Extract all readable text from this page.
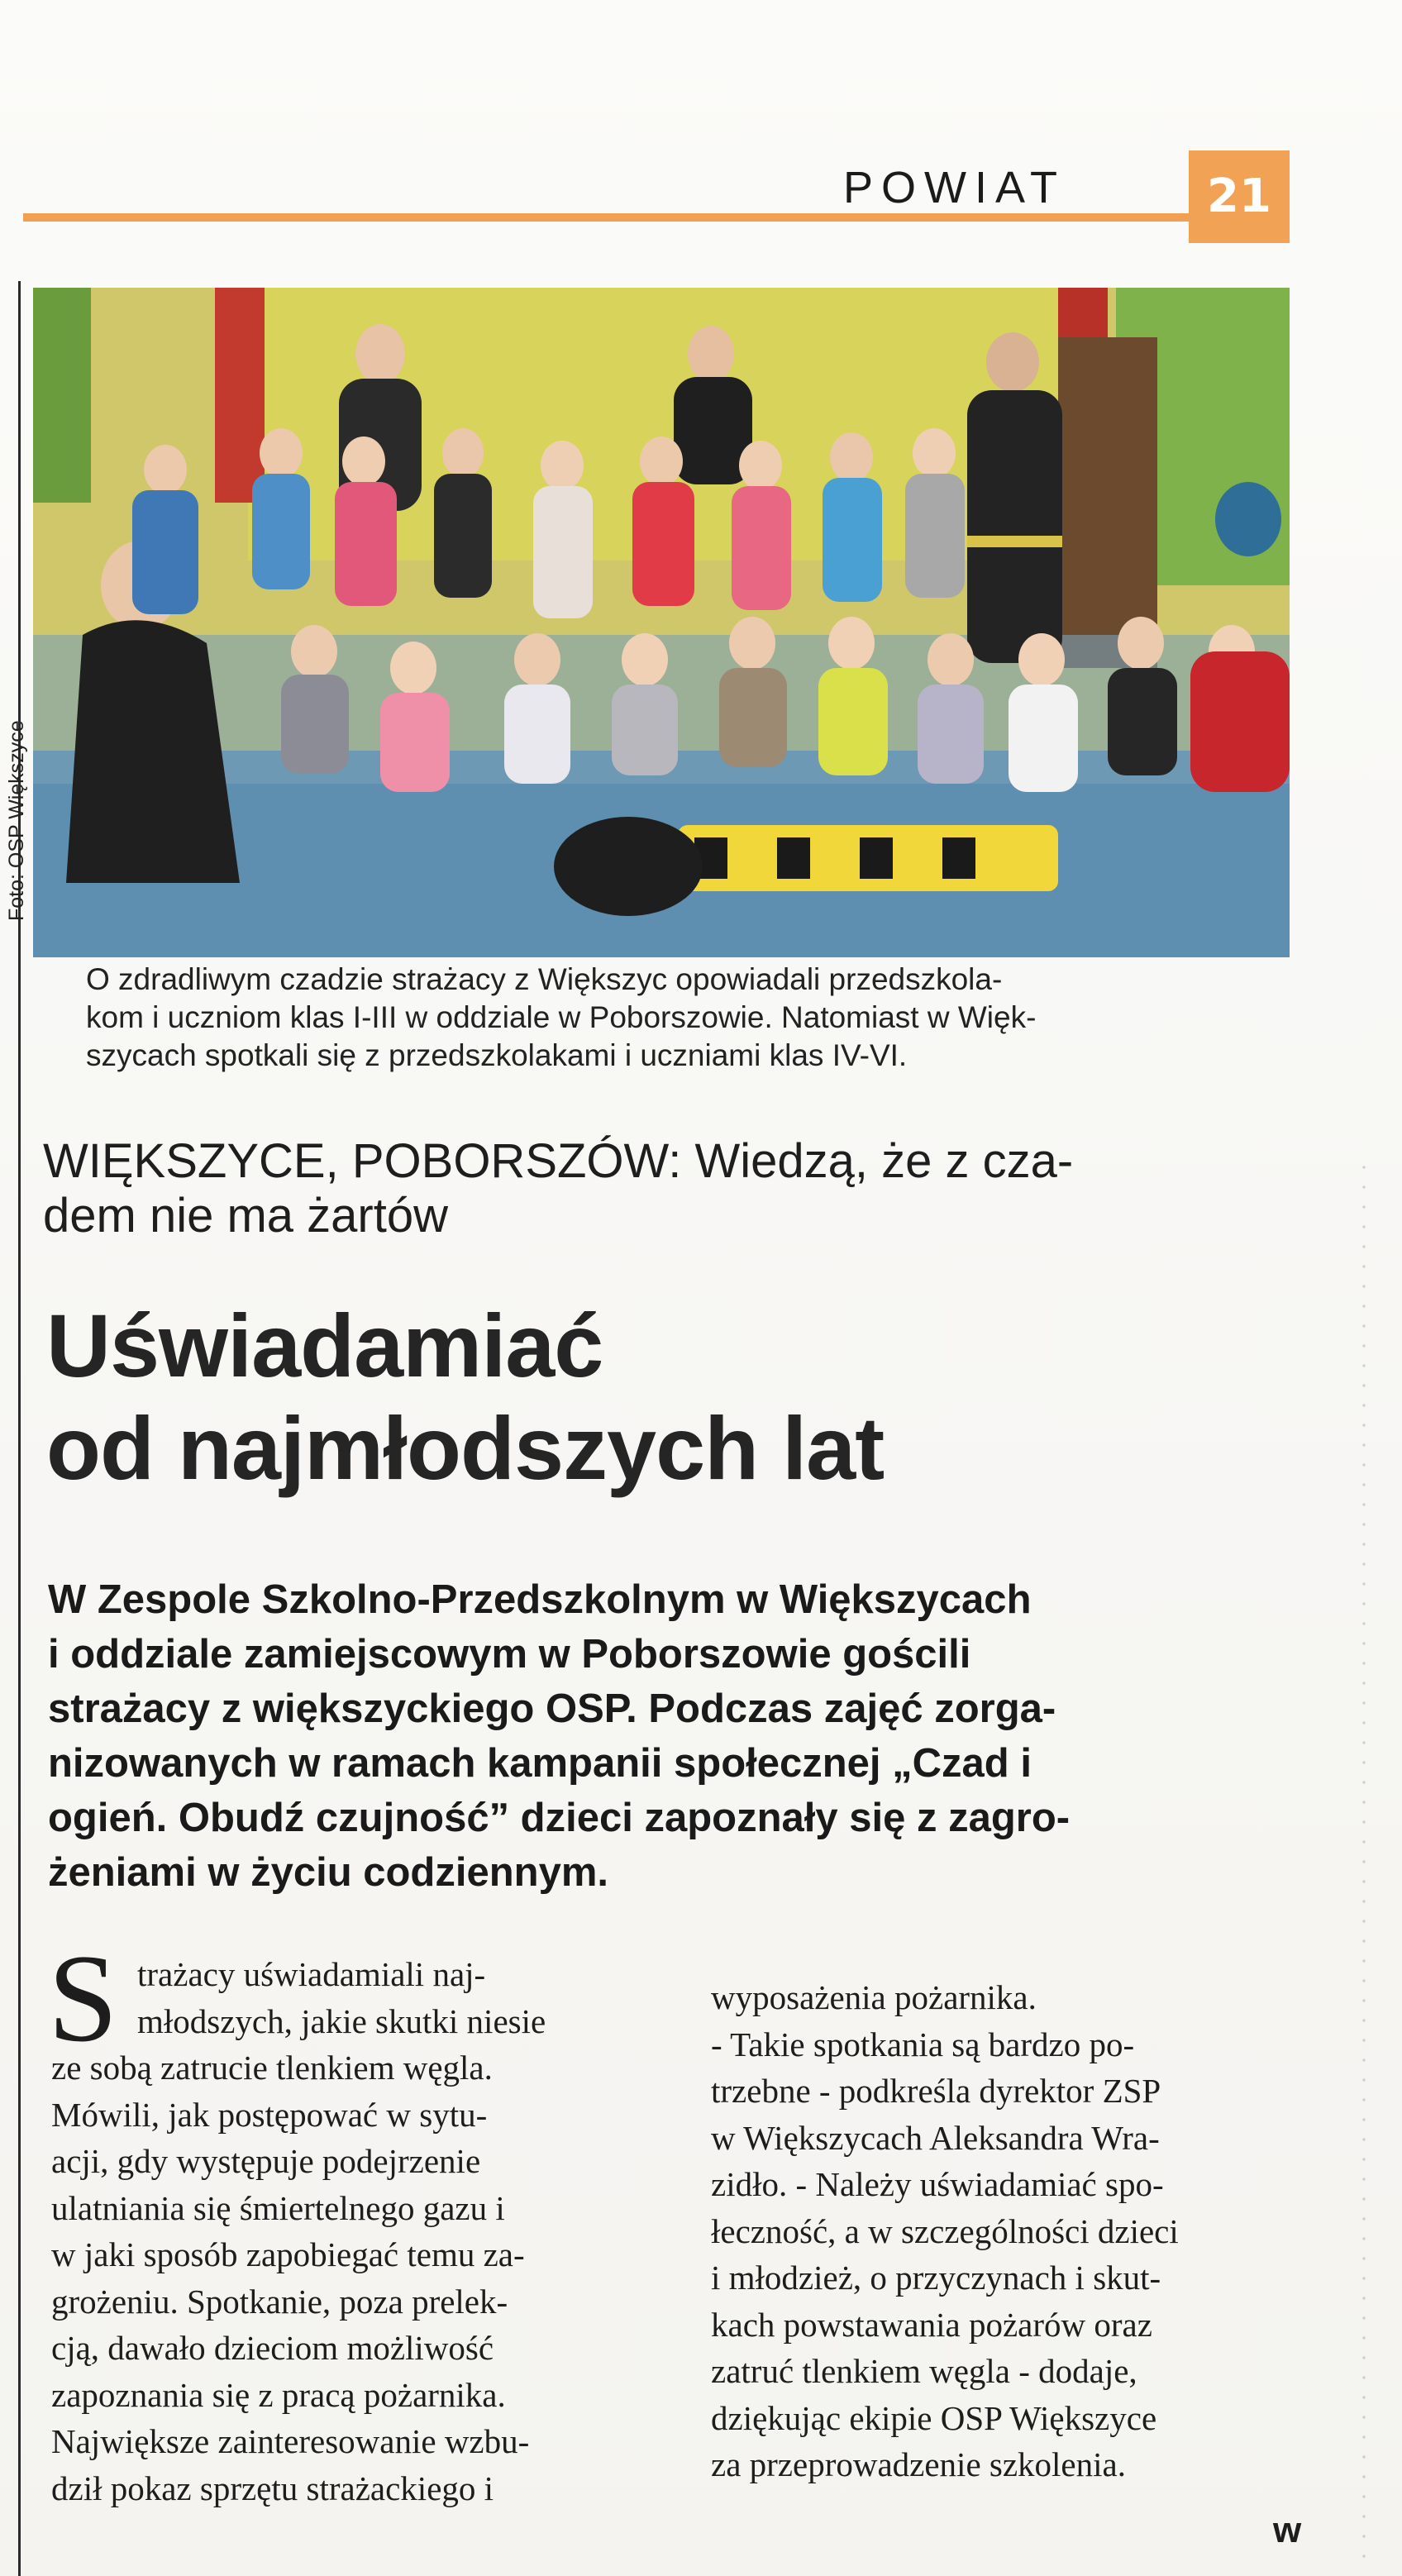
POWIAT	21
Foto: OSP Większyce

O zdradliwym czadzie strażacy z Większyc opowiadali przedszkola-
kom i uczniom klas I-III w oddziale w Poborszowie. Natomiast w Więk-
szycach spotkali się z przedszkolakami i uczniami klas IV-VI.

WIĘKSZYCE, POBORSZÓW: Wiedzą, że z cza-
dem nie ma żartów

Uświadamiać
od najmłodszych lat

W Zespole Szkolno-Przedszkolnym w Większycach
i oddziale zamiejscowym w Poborszowie gościli
strażacy z większyckiego OSP. Podczas zajęć zorga-
nizowanych w ramach kampanii społecznej „Czad i
ogień. Obudź czujność” dzieci zapoznały się z zagro-
żeniami w życiu codziennym.

S trażacy uświadamiali naj-
młodszych, jakie skutki niesie
ze sobą zatrucie tlenkiem węgla.
Mówili, jak postępować w sytu-
acji, gdy występuje podejrzenie
ulatniania się śmiertelnego gazu i
w jaki sposób zapobiegać temu za-
grożeniu. Spotkanie, poza prelek-
cją, dawało dzieciom możliwość
zapoznania się z pracą pożarnika.
Największe zainteresowanie wzbu-
dził pokaz sprzętu strażackiego i
wyposażenia pożarnika.
- Takie spotkania są bardzo po-
trzebne - podkreśla dyrektor ZSP
w Większycach Aleksandra Wra-
zidło. - Należy uświadamiać spo-
łeczność, a w szczególności dzieci
i młodzież, o przyczynach i skut-
kach powstawania pożarów oraz
zatruć tlenkiem węgla - dodaje,
dziękując ekipie OSP Większyce
za przeprowadzenie szkolenia.
w
